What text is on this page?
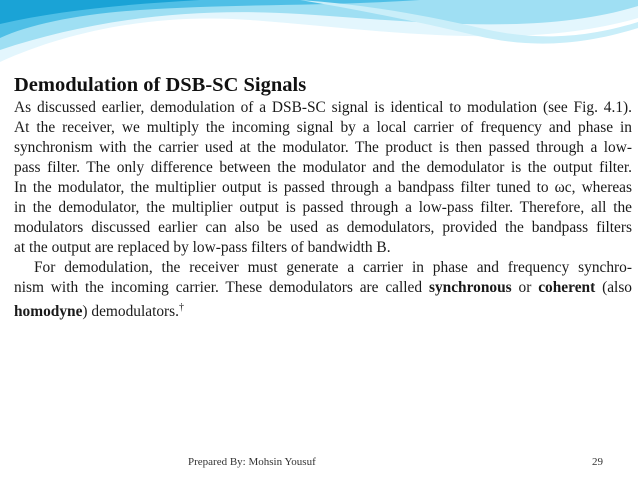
Demodulation of DSB-SC Signals

As discussed earlier, demodulation of a DSB-SC signal is identical to modulation (see Fig. 4.1).
At the receiver, we multiply the incoming signal by a local carrier of frequency and phase in
synchronism with the carrier used at the modulator. The product is then passed through a low-
pass filter. The only difference between the modulator and the demodulator is the output filter.
In the modulator, the multiplier output is passed through a bandpass filter tuned to ωc, whereas
in the demodulator, the multiplier output is passed through a low-pass filter. Therefore, all the
modulators discussed earlier can also be used as demodulators, provided the bandpass filters
at the output are replaced by low-pass filters of bandwidth B.

For demodulation, the receiver must generate a carrier in phase and frequency synchro-
nism with the incoming carrier. These demodulators are called synchronous or coherent (also
homodyne) demodulators.†

Prepared By: Mohsin Yousuf	29
